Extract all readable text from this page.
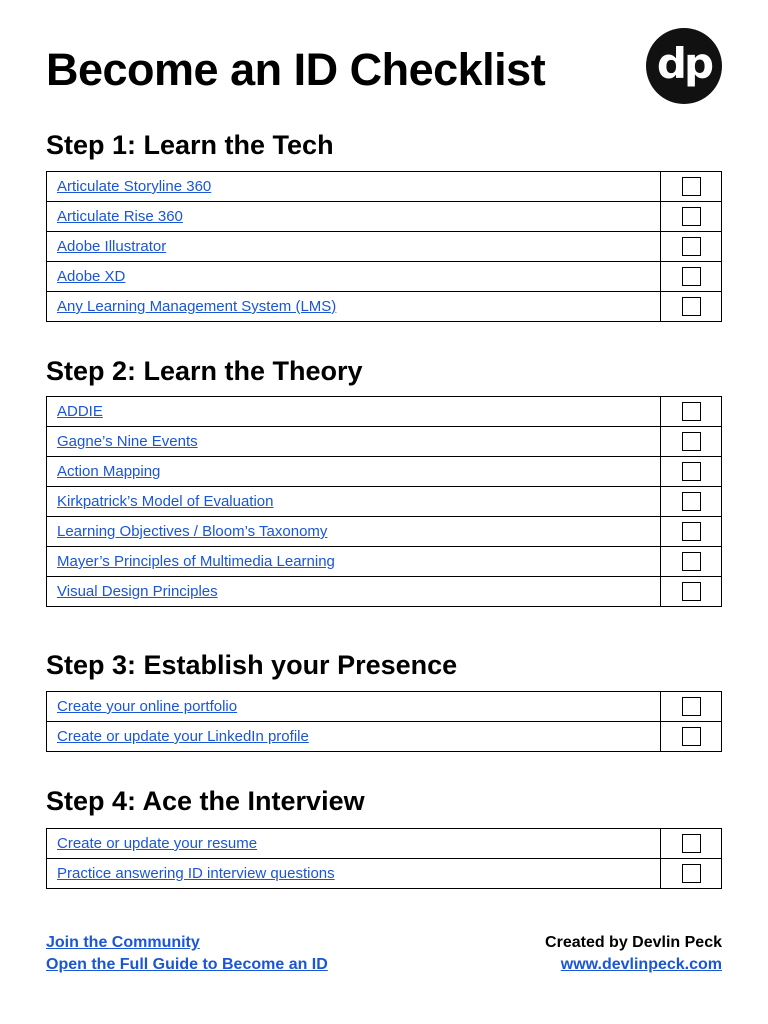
Become an ID Checklist	dp
Step 1: Learn the Tech
Articulate Storyline 360	
Articulate Rise 360	
Adobe Illustrator	
Adobe XD	
Any Learning Management System (LMS)	
Step 2: Learn the Theory
ADDIE	
Gagne’s Nine Events	
Action Mapping	
Kirkpatrick’s Model of Evaluation	
Learning Objectives / Bloom’s Taxonomy	
Mayer’s Principles of Multimedia Learning	
Visual Design Principles	
Step 3: Establish your Presence
Create your online portfolio	
Create or update your LinkedIn profile	
Step 4: Ace the Interview
Create or update your resume	
Practice answering ID interview questions	
Join the Community
Open the Full Guide to Become an ID
Created by Devlin Peck
www.devlinpeck.com
